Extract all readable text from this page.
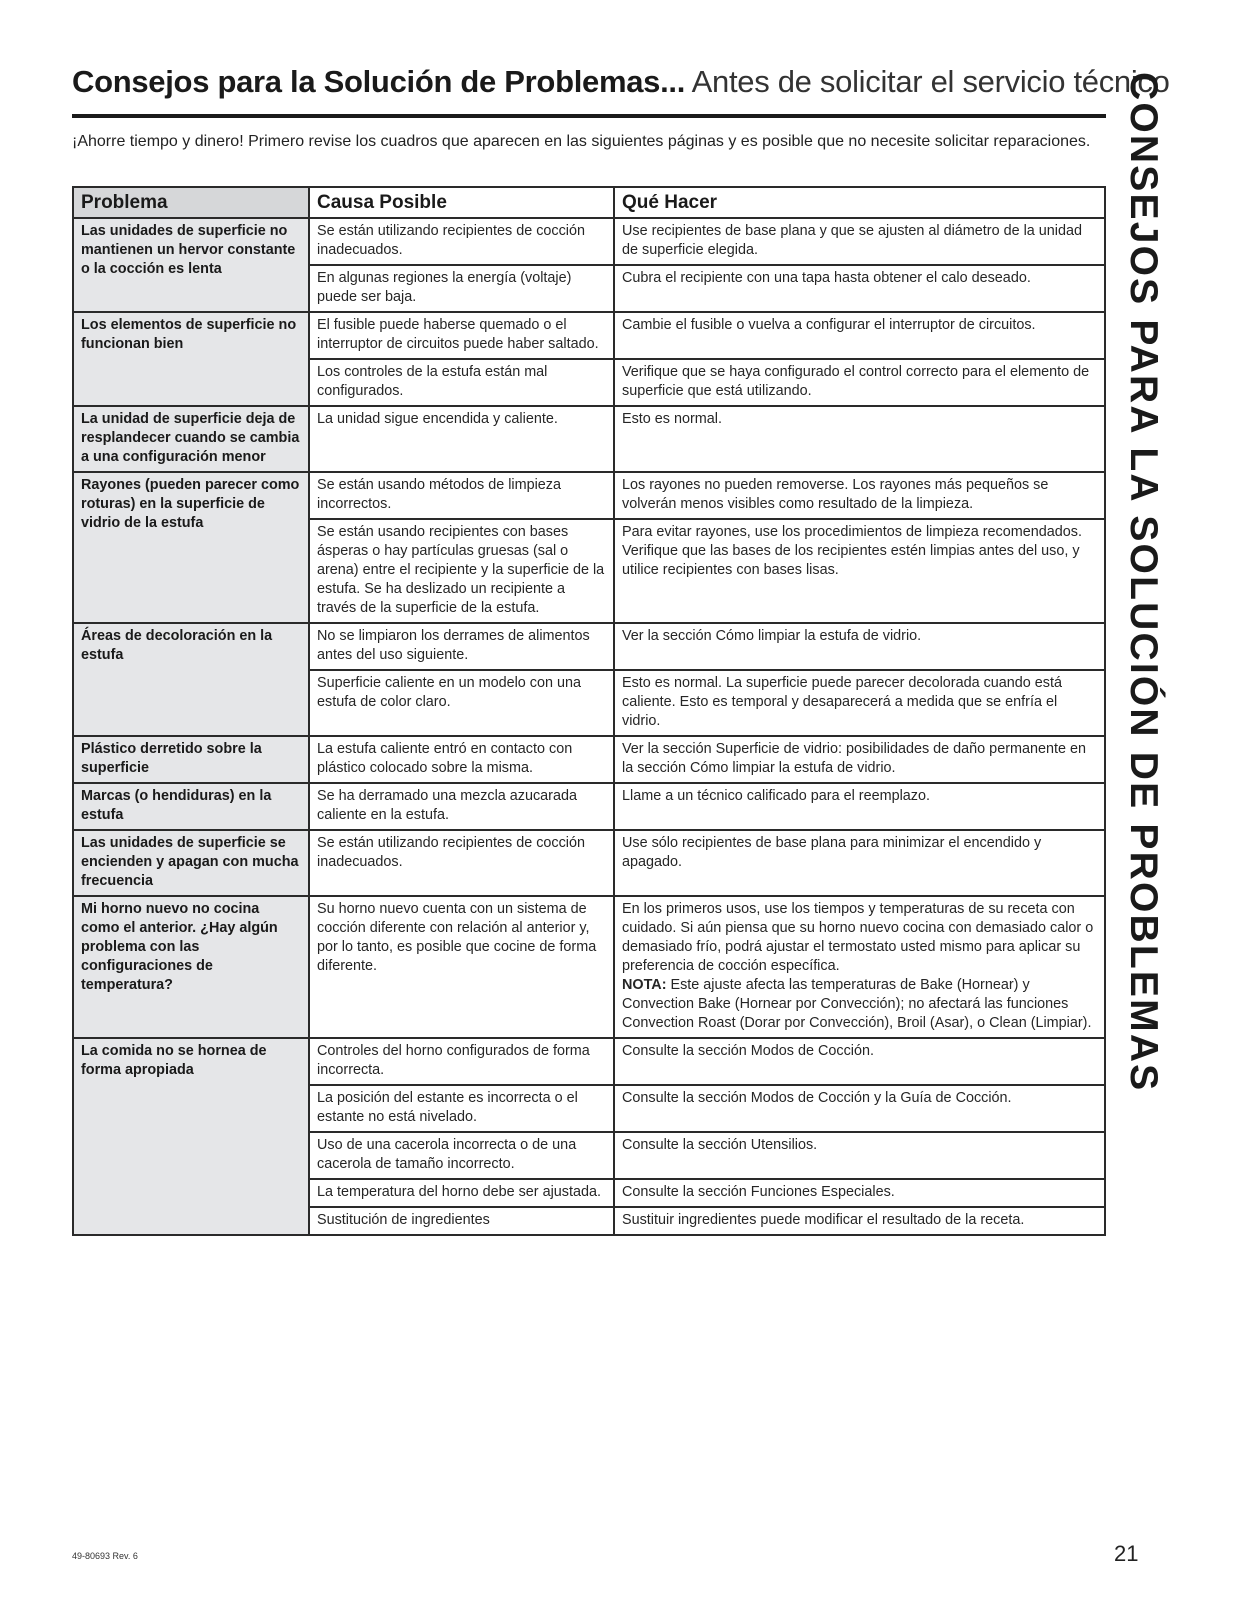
Consejos para la Solución de Problemas... Antes de solicitar el servicio técnico
¡Ahorre tiempo y dinero! Primero revise los cuadros que aparecen en las siguientes páginas y es posible que no necesite solicitar reparaciones. CONSEJOS PARA LA SOLUCIÓN DE PROBLEMAS
Problema	Causa Posible	Qué Hacer
Las unidades de superficie no mantienen un hervor constante o la cocción es lenta	Se están utilizando recipientes de cocción inadecuados.	Use recipientes de base plana y que se ajusten al diámetro de la unidad de superficie elegida.
	En algunas regiones la energía (voltaje) puede ser baja.	Cubra el recipiente con una tapa hasta obtener el calo deseado.
Los elementos de superficie no funcionan bien	El fusible puede haberse quemado o el interruptor de circuitos puede haber saltado.	Cambie el fusible o vuelva a configurar el interruptor de circuitos.
	Los controles de la estufa están mal configurados.	Verifique que se haya configurado el control correcto para el elemento de superficie que está utilizando.
La unidad de superficie deja de resplandecer cuando se cambia a una configuración menor	La unidad sigue encendida y caliente.	Esto es normal.
Rayones (pueden parecer como roturas) en la superficie de vidrio de la estufa	Se están usando métodos de limpieza incorrectos.	Los rayones no pueden removerse. Los rayones más pequeños se volverán menos visibles como resultado de la limpieza.
	Se están usando recipientes con bases ásperas o hay partículas gruesas (sal o arena) entre el recipiente y la superficie de la estufa. Se ha deslizado un recipiente a través de la superficie de la estufa.	Para evitar rayones, use los procedimientos de limpieza recomendados. Verifique que las bases de los recipientes estén limpias antes del uso, y utilice recipientes con bases lisas.
Áreas de decoloración en la estufa	No se limpiaron los derrames de alimentos antes del uso siguiente.	Ver la sección Cómo limpiar la estufa de vidrio.
	Superficie caliente en un modelo con una estufa de color claro.	Esto es normal. La superficie puede parecer decolorada cuando está caliente. Esto es temporal y desaparecerá a medida que se enfría el vidrio.
Plástico derretido sobre la superficie	La estufa caliente entró en contacto con plástico colocado sobre la misma.	Ver la sección Superficie de vidrio: posibilidades de daño permanente en la sección Cómo limpiar la estufa de vidrio.
Marcas (o hendiduras) en la estufa	Se ha derramado una mezcla azucarada caliente en la estufa.	Llame a un técnico calificado para el reemplazo.
Las unidades de superficie se encienden y apagan con mucha frecuencia	Se están utilizando recipientes de cocción inadecuados.	Use sólo recipientes de base plana para minimizar el encendido y apagado.
Mi horno nuevo no cocina como el anterior. ¿Hay algún problema con las configuraciones de temperatura?	Su horno nuevo cuenta con un sistema de cocción diferente con relación al anterior y, por lo tanto, es posible que cocine de forma diferente.	En los primeros usos, use los tiempos y temperaturas de su receta con cuidado. Si aún piensa que su horno nuevo cocina con demasiado calor o demasiado frío, podrá ajustar el termostato usted mismo para aplicar su preferencia de cocción específica.
NOTA: Este ajuste afecta las temperaturas de Bake (Hornear) y Convection Bake (Hornear por Convección); no afectará las funciones Convection Roast (Dorar por Convección), Broil (Asar), o Clean (Limpiar).
La comida no se hornea de forma apropiada	Controles del horno configurados de forma incorrecta.	Consulte la sección Modos de Cocción.
	La posición del estante es incorrecta o el estante no está nivelado.	Consulte la sección Modos de Cocción y la Guía de Cocción.
	Uso de una cacerola incorrecta o de una cacerola de tamaño incorrecto.	Consulte la sección Utensilios.
	La temperatura del horno debe ser ajustada.	Consulte la sección Funciones Especiales.
	Sustitución de ingredientes	Sustituir ingredientes puede modificar el resultado de la receta.
49-80693 Rev. 6	21
